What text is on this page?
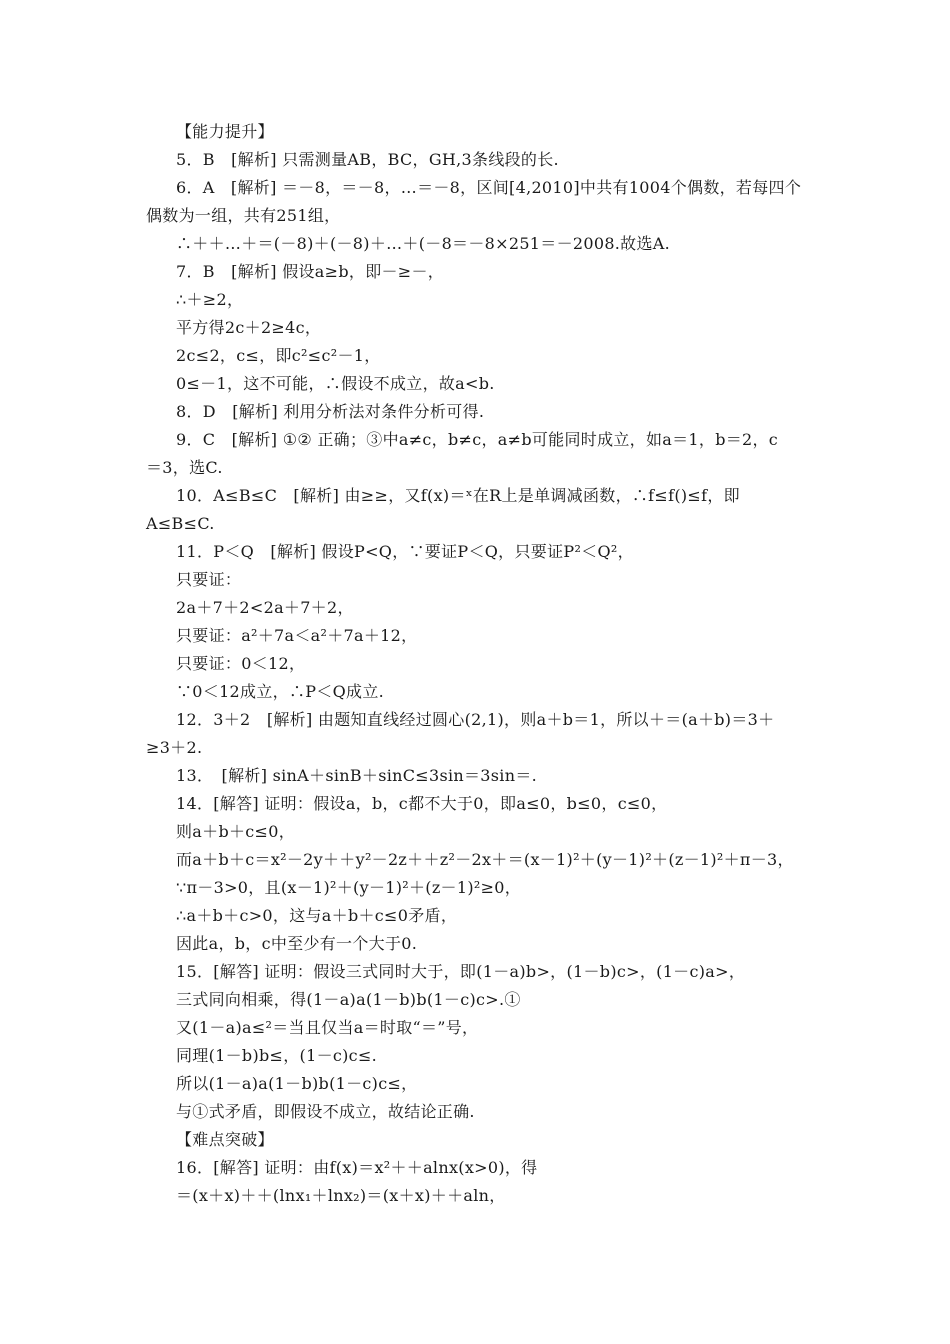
【能力提升】
5．B　[解析] 只需测量AB，BC，GH,3条线段的长.
6．A　[解析] ＝－8，＝－8，…＝－8，区间[4,2010]中共有1004个偶数，若每四个
偶数为一组，共有251组，
∴＋＋…＋＝(－8)＋(－8)＋…＋(－8＝－8×251＝－2008.故选A.
7．B　[解析] 假设a≥b，即－≥－，
∴＋≥2，
平方得2c＋2≥4c，
2c≤2，c≤，即c²≤c²－1，
0≤－1，这不可能，∴假设不成立，故a<b.
8．D　[解析] 利用分析法对条件分析可得.
9．C　[解析] ①② 正确；③中a≠c，b≠c，a≠b可能同时成立，如a＝1，b＝2，c
＝3，选C.
10．A≤B≤C　[解析] 由≥≥，又f(x)＝ˣ在R上是单调减函数，∴f≤f()≤f，即
A≤B≤C.
11．P＜Q　[解析] 假设P<Q，∵要证P＜Q，只要证P²＜Q²，
只要证：
2a＋7＋2<2a＋7＋2，
只要证：a²＋7a＜a²＋7a＋12，
只要证：0＜12，
∵0＜12成立，∴P＜Q成立.
12．3＋2　[解析] 由题知直线经过圆心(2,1)，则a＋b＝1，所以＋＝(a＋b)＝3＋
≥3＋2.
13．　[解析] sinA＋sinB＋sinC≤3sin＝3sin＝.
14．[解答] 证明：假设a，b，c都不大于0，即a≤0，b≤0，c≤0，
则a＋b＋c≤0，
而a＋b＋c＝x²－2y＋＋y²－2z＋＋z²－2x＋＝(x－1)²＋(y－1)²＋(z－1)²＋π－3，
∵π－3>0，且(x－1)²＋(y－1)²＋(z－1)²≥0，
∴a＋b＋c>0，这与a＋b＋c≤0矛盾，
因此a，b，c中至少有一个大于0.
15．[解答] 证明：假设三式同时大于，即(1－a)b>，(1－b)c>，(1－c)a>，
三式同向相乘，得(1－a)a(1－b)b(1－c)c>.①
又(1－a)a≤²＝当且仅当a＝时取“＝”号，
同理(1－b)b≤，(1－c)c≤.
所以(1－a)a(1－b)b(1－c)c≤，
与①式矛盾，即假设不成立，故结论正确.
【难点突破】
16．[解答] 证明：由f(x)＝x²＋＋alnx(x>0)，得
＝(x＋x)＋＋(lnx₁＋lnx₂)＝(x＋x)＋＋aln，
